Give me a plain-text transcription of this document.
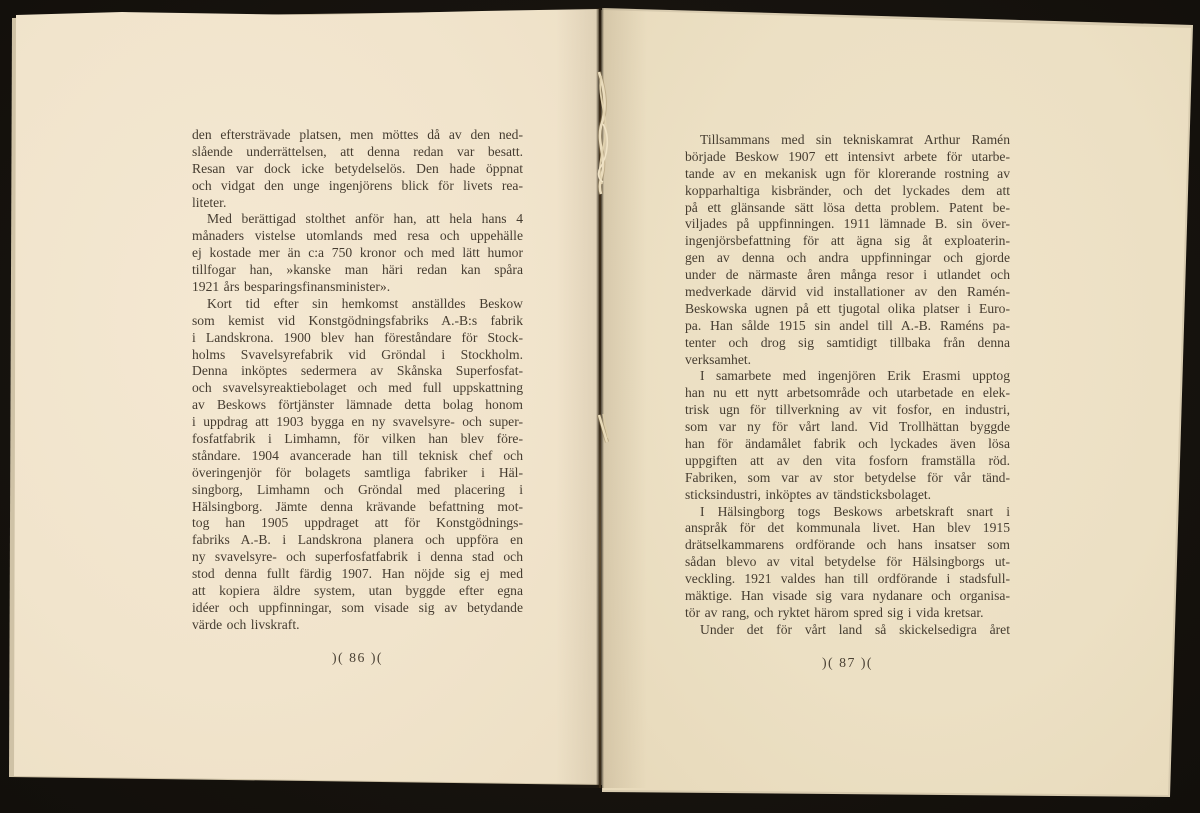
den eftersträvade platsen, men möttes då av den ned-
slående underrättelsen, att denna redan var besatt.
Resan var dock icke betydelselös. Den hade öppnat
och vidgat den unge ingenjörens blick för livets rea-
liteter.
Med berättigad stolthet anför han, att hela hans 4
månaders vistelse utomlands med resa och uppehälle
ej kostade mer än c:a 750 kronor och med lätt humor
tillfogar han, »kanske man häri redan kan spåra
1921 års besparingsfinansminister».
Kort tid efter sin hemkomst anställdes Beskow
som kemist vid Konstgödningsfabriks A.-B:s fabrik
i Landskrona. 1900 blev han föreståndare för Stock-
holms Svavelsyrefabrik vid Gröndal i Stockholm.
Denna inköptes sedermera av Skånska Superfosfat-
och svavelsyreaktiebolaget och med full uppskattning
av Beskows förtjänster lämnade detta bolag honom
i uppdrag att 1903 bygga en ny svavelsyre- och super-
fosfatfabrik i Limhamn, för vilken han blev före-
ståndare. 1904 avancerade han till teknisk chef och
överingenjör för bolagets samtliga fabriker i Häl-
singborg, Limhamn och Gröndal med placering i
Hälsingborg. Jämte denna krävande befattning mot-
tog han 1905 uppdraget att för Konstgödnings-
fabriks A.-B. i Landskrona planera och uppföra en
ny svavelsyre- och superfosfatfabrik i denna stad och
stod denna fullt färdig 1907. Han nöjde sig ej med
att kopiera äldre system, utan byggde efter egna
idéer och uppfinningar, som visade sig av betydande
värde och livskraft.
)( 86 )(
Tillsammans med sin tekniskamrat Arthur Ramén
började Beskow 1907 ett intensivt arbete för utarbe-
tande av en mekanisk ugn för klorerande rostning av
kopparhaltiga kisbränder, och det lyckades dem att
på ett glänsande sätt lösa detta problem. Patent be-
viljades på uppfinningen. 1911 lämnade B. sin över-
ingenjörsbefattning för att ägna sig åt exploaterin-
gen av denna och andra uppfinningar och gjorde
under de närmaste åren många resor i utlandet och
medverkade därvid vid installationer av den Ramén-
Beskowska ugnen på ett tjugotal olika platser i Euro-
pa. Han sålde 1915 sin andel till A.-B. Raméns pa-
tenter och drog sig samtidigt tillbaka från denna
verksamhet.
I samarbete med ingenjören Erik Erasmi upptog
han nu ett nytt arbetsområde och utarbetade en elek-
trisk ugn för tillverkning av vit fosfor, en industri,
som var ny för vårt land. Vid Trollhättan byggde
han för ändamålet fabrik och lyckades även lösa
uppgiften att av den vita fosforn framställa röd.
Fabriken, som var av stor betydelse för vår tänd-
sticksindustri, inköptes av tändsticksbolaget.
I Hälsingborg togs Beskows arbetskraft snart i
anspråk för det kommunala livet. Han blev 1915
drätselkammarens ordförande och hans insatser som
sådan blevo av vital betydelse för Hälsingborgs ut-
veckling. 1921 valdes han till ordförande i stadsfull-
mäktige. Han visade sig vara nydanare och organisa-
tör av rang, och ryktet härom spred sig i vida kretsar.
Under det för vårt land så skickelsedigra året
)( 87 )(
